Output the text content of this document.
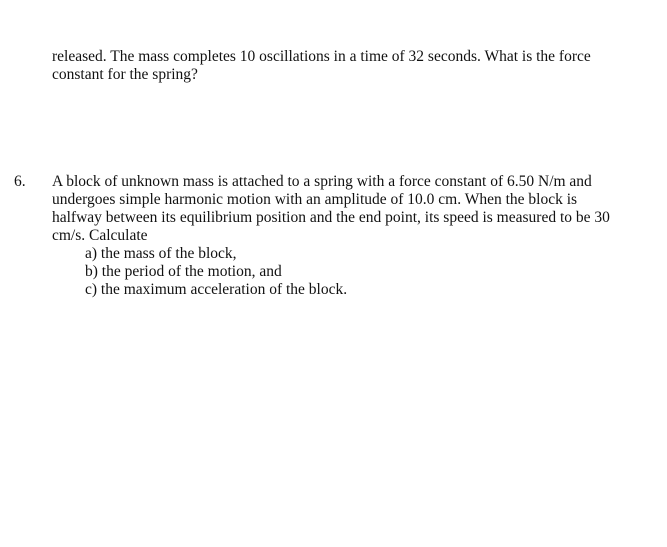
released. The mass completes 10 oscillations in a time of 32 seconds. What is the force
constant for the spring?
6. A block of unknown mass is attached to a spring with a force constant of 6.50 N/m and
undergoes simple harmonic motion with an amplitude of 10.0 cm. When the block is
halfway between its equilibrium position and the end point, its speed is measured to be 30
cm/s. Calculate
a) the mass of the block,
b) the period of the motion, and
c) the maximum acceleration of the block.
